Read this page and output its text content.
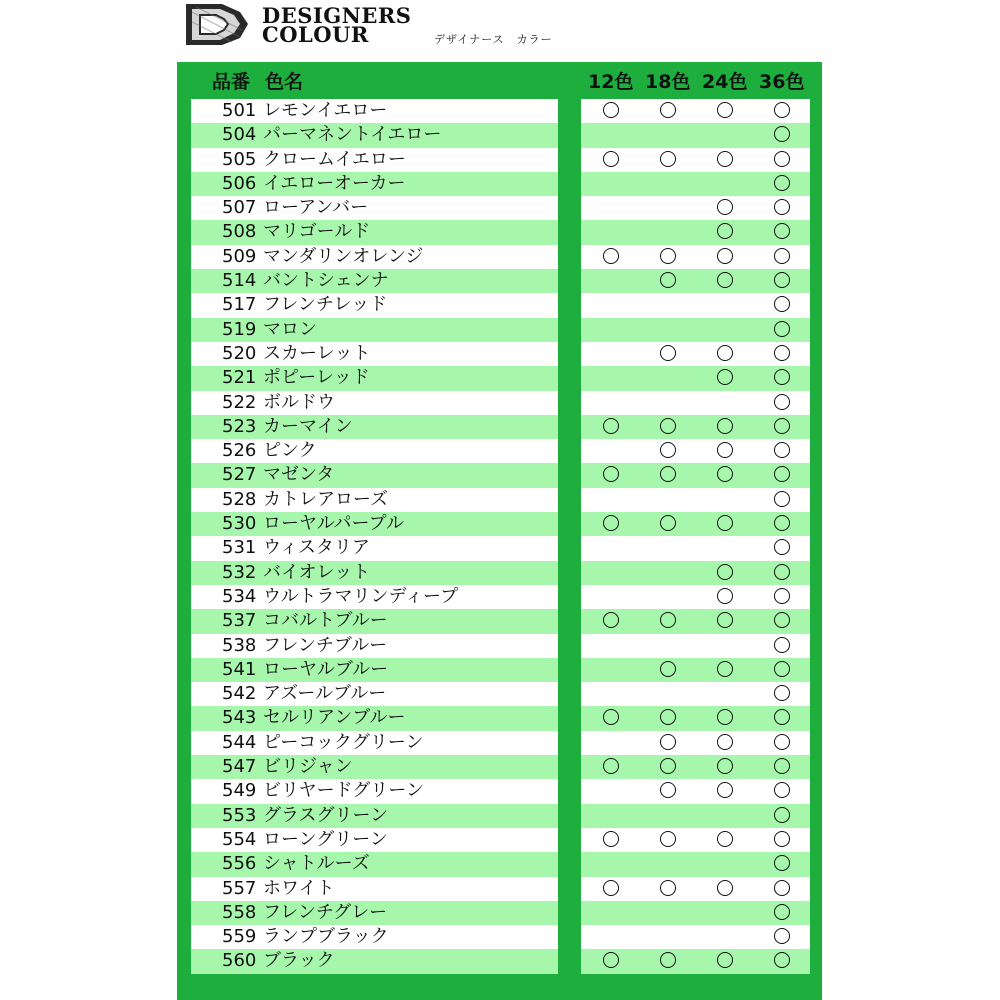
DESIGNERS
COLOUR	デザイナース　カラー
品番 色名	12色 18色 24色 36色
501 レモンイエロー
504 パーマネントイエロー
505 クロームイエロー
506 イエローオーカー
507 ローアンバー
508 マリゴールド
509 マンダリンオレンジ
514 バントシェンナ
517 フレンチレッド
519 マロン
520 スカーレット
521 ポピーレッド
522 ボルドウ
523 カーマイン
526 ピンク
527 マゼンタ
528 カトレアローズ
530 ローヤルパープル
531 ウィスタリア
532 バイオレット
534 ウルトラマリンディープ
537 コバルトブルー
538 フレンチブルー
541 ローヤルブルー
542 アズールブルー
543 セルリアンブルー
544 ピーコックグリーン
547 ビリジャン
549 ビリヤードグリーン
553 グラスグリーン
554 ローングリーン
556 シャトルーズ
557 ホワイト
558 フレンチグレー
559 ランプブラック
560 ブラック
